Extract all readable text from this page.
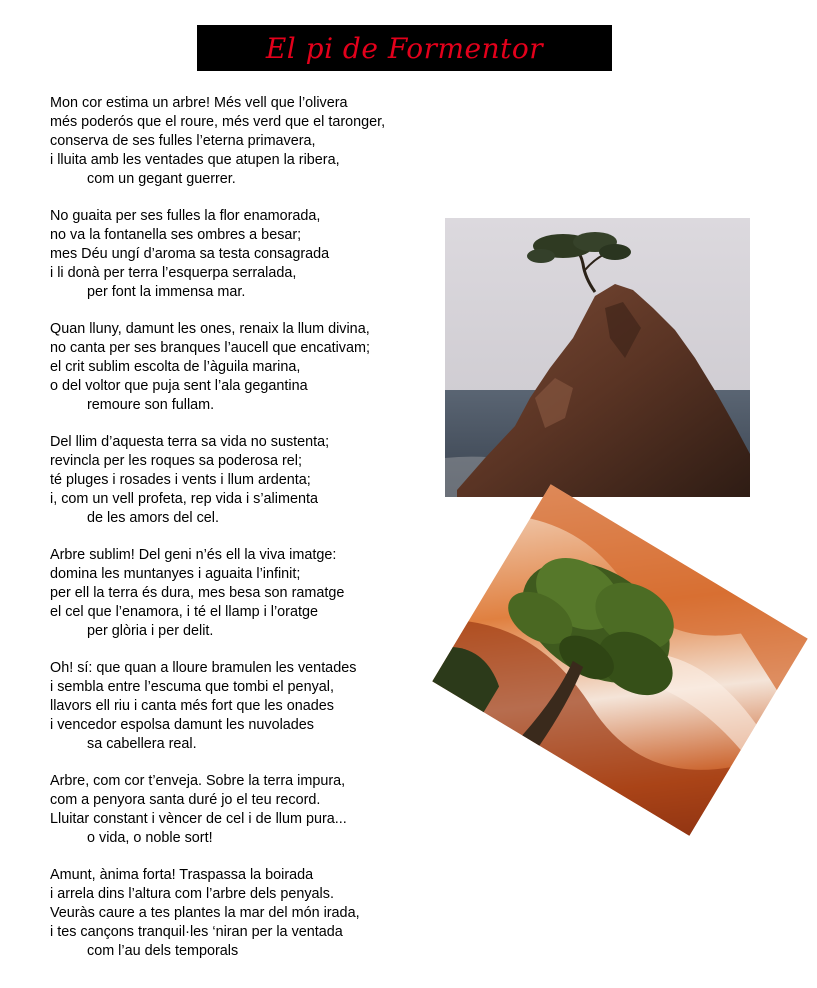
El pi de Formentor
Mon cor estima un arbre! Més vell que l’olivera
més poderós que el roure, més verd que el taronger,
conserva de ses fulles l’eterna primavera,
i lluita amb les ventades que atupen la ribera,
com un gegant guerrer.
No guaita per ses fulles la flor enamorada,
no va la fontanella ses ombres a besar;
mes Déu ungí d’aroma sa testa consagrada
i li donà per terra l’esquerpa serralada,
per font la immensa mar.
Quan lluny, damunt les ones, renaix la llum divina,
no canta per ses branques l’aucell que encativam;
el crit sublim escolta de l’àguila marina,
o del voltor que puja sent l’ala gegantina
remoure son fullam.
Del llim d’aquesta terra sa vida no sustenta;
revincla per les roques sa poderosa rel;
té pluges i rosades i vents i llum ardenta;
i, com un vell profeta, rep vida i s’alimenta
de les amors del cel.
Arbre sublim! Del geni n’és ell la viva imatge:
domina les muntanyes i aguaita l’infinit;
per ell la terra és dura, mes besa son ramatge
el cel que l’enamora, i té el llamp i l’oratge
per glòria i per delit.
Oh! sí: que quan a lloure bramulen les ventades
i sembla entre l’escuma que tombi el penyal,
llavors ell riu i canta més fort que les onades
i vencedor espolsa damunt les nuvolades
sa cabellera real.
Arbre, com cor t’enveja. Sobre la terra impura,
com a penyora santa duré jo el teu record.
Lluitar constant i vèncer de cel i de llum pura...
o vida, o noble sort!
Amunt, ànima forta! Traspassa la boirada
i arrela dins l’altura com l’arbre dels penyals.
Veuràs caure a tes plantes la mar del món irada,
i tes cançons tranquil·les ‘niran per la ventada
com l’au dels temporals
